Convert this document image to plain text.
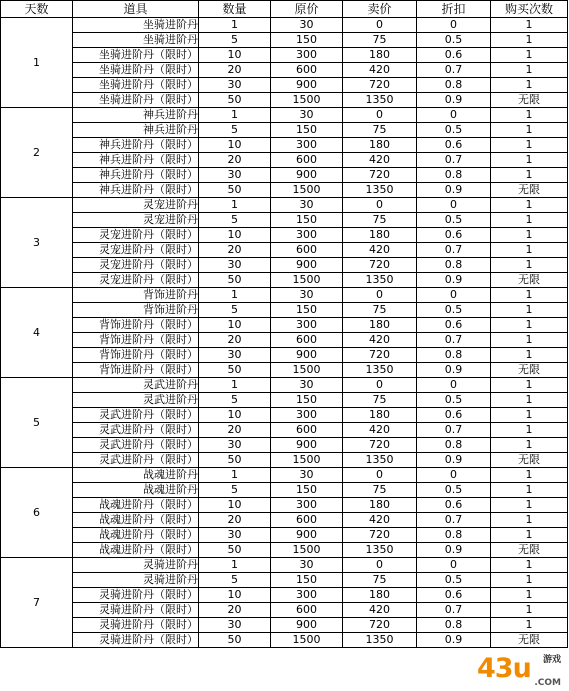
天数	道具	数量	原价	卖价	折扣	购买次数
1	坐骑进阶丹	1	30	0	0	1
	坐骑进阶丹	5	150	75	0.5	1
	坐骑进阶丹（限时）	10	300	180	0.6	1
	坐骑进阶丹（限时）	20	600	420	0.7	1
	坐骑进阶丹（限时）	30	900	720	0.8	1
	坐骑进阶丹（限时）	50	1500	1350	0.9	无限
2	神兵进阶丹	1	30	0	0	1
	神兵进阶丹	5	150	75	0.5	1
	神兵进阶丹（限时）	10	300	180	0.6	1
	神兵进阶丹（限时）	20	600	420	0.7	1
	神兵进阶丹（限时）	30	900	720	0.8	1
	神兵进阶丹（限时）	50	1500	1350	0.9	无限
3	灵宠进阶丹	1	30	0	0	1
	灵宠进阶丹	5	150	75	0.5	1
	灵宠进阶丹（限时）	10	300	180	0.6	1
	灵宠进阶丹（限时）	20	600	420	0.7	1
	灵宠进阶丹（限时）	30	900	720	0.8	1
	灵宠进阶丹（限时）	50	1500	1350	0.9	无限
4	背饰进阶丹	1	30	0	0	1
	背饰进阶丹	5	150	75	0.5	1
	背饰进阶丹（限时）	10	300	180	0.6	1
	背饰进阶丹（限时）	20	600	420	0.7	1
	背饰进阶丹（限时）	30	900	720	0.8	1
	背饰进阶丹（限时）	50	1500	1350	0.9	无限
5	灵武进阶丹	1	30	0	0	1
	灵武进阶丹	5	150	75	0.5	1
	灵武进阶丹（限时）	10	300	180	0.6	1
	灵武进阶丹（限时）	20	600	420	0.7	1
	灵武进阶丹（限时）	30	900	720	0.8	1
	灵武进阶丹（限时）	50	1500	1350	0.9	无限
6	战魂进阶丹	1	30	0	0	1
	战魂进阶丹	5	150	75	0.5	1
	战魂进阶丹（限时）	10	300	180	0.6	1
	战魂进阶丹（限时）	20	600	420	0.7	1
	战魂进阶丹（限时）	30	900	720	0.8	1
	战魂进阶丹（限时）	50	1500	1350	0.9	无限
7	灵骑进阶丹	1	30	0	0	1
	灵骑进阶丹	5	150	75	0.5	1
	灵骑进阶丹（限时）	10	300	180	0.6	1
	灵骑进阶丹（限时）	20	600	420	0.7	1
	灵骑进阶丹（限时）	30	900	720	0.8	1
	灵骑进阶丹（限时）	50	1500	1350	0.9	无限
43u 游戏
.COM
